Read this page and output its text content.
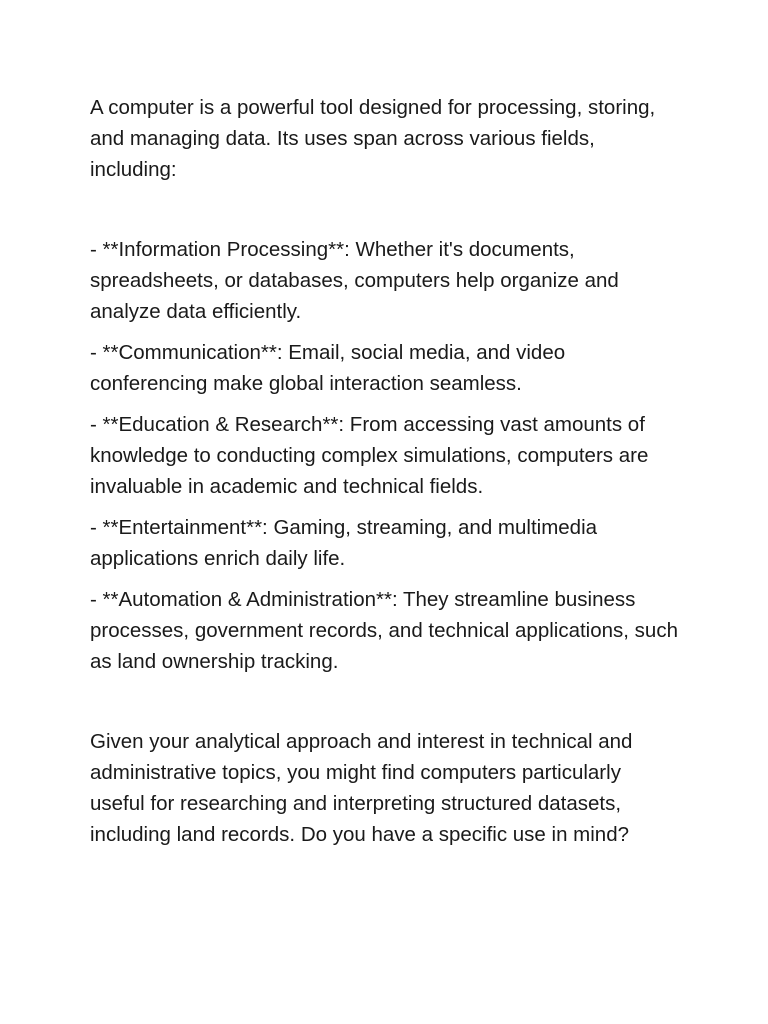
A computer is a powerful tool designed for processing, storing, and managing data. Its uses span across various fields, including:

- **Information Processing**: Whether it's documents, spreadsheets, or databases, computers help organize and analyze data efficiently.

- **Communication**: Email, social media, and video conferencing make global interaction seamless.

- **Education & Research**: From accessing vast amounts of knowledge to conducting complex simulations, computers are invaluable in academic and technical fields.

- **Entertainment**: Gaming, streaming, and multimedia applications enrich daily life.

- **Automation & Administration**: They streamline business processes, government records, and technical applications, such as land ownership tracking.

Given your analytical approach and interest in technical and administrative topics, you might find computers particularly useful for researching and interpreting structured datasets, including land records. Do you have a specific use in mind?
